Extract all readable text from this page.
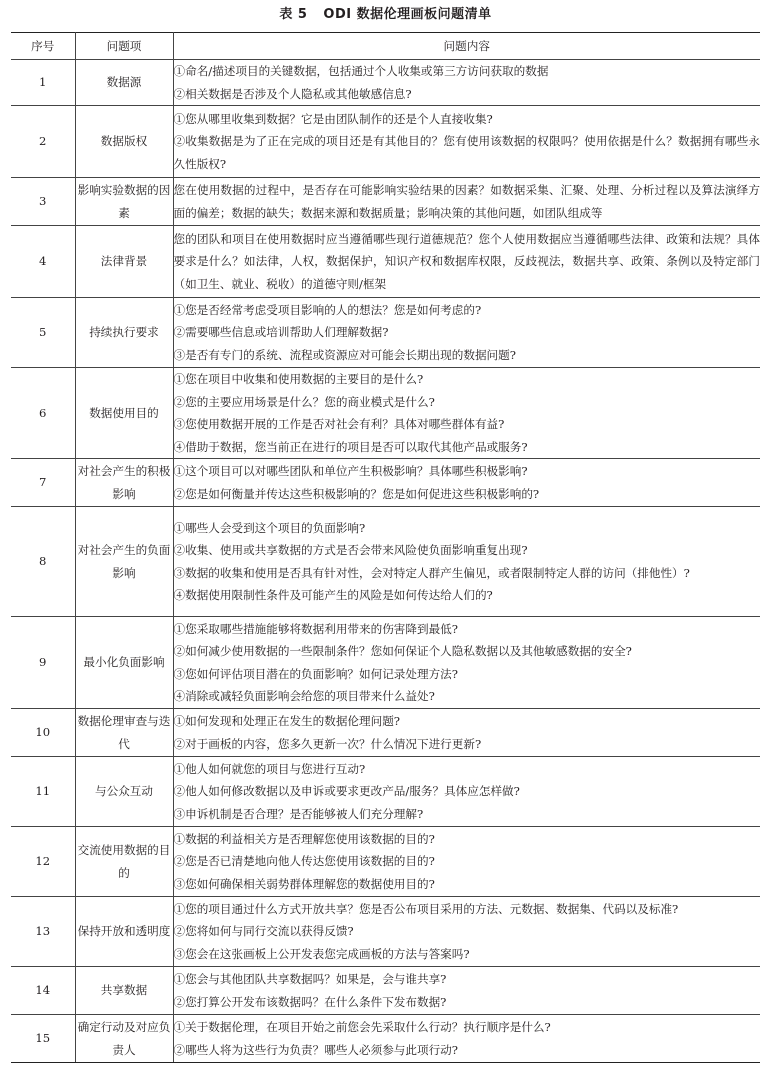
表 5 ODI 数据伦理画板问题清单
序号	问题项	问题内容
1	数据源	①命名/描述项目的关键数据，包括通过个人收集或第三方访问获取的数据
②相关数据是否涉及个人隐私或其他敏感信息?

2	数据版权	①您从哪里收集到数据？它是由团队制作的还是个人直接收集?
②收集数据是为了正在完成的项目还是有其他目的？您有使用该数据的权限吗？使用依据是什么？数据拥有哪些永久性版权?

3	影响实验数据的因素	您在使用数据的过程中，是否存在可能影响实验结果的因素？如数据采集、汇聚、处理、分析过程以及算法演绎方面的偏差；数据的缺失；数据来源和数据质量；影响决策的其他问题，如团队组成等

4	法律背景	您的团队和项目在使用数据时应当遵循哪些现行道德规范？您个人使用数据应当遵循哪些法律、政策和法规？具体要求是什么？如法律，人权，数据保护，知识产权和数据库权限，反歧视法，数据共享、政策、条例以及特定部门（如卫生、就业、税收）的道德守则/框架

5	持续执行要求	①您是否经常考虑受项目影响的人的想法？您是如何考虑的?
②需要哪些信息或培训帮助人们理解数据?
③是否有专门的系统、流程或资源应对可能会长期出现的数据问题?

6	数据使用目的	①您在项目中收集和使用数据的主要目的是什么?
②您的主要应用场景是什么？您的商业模式是什么?
③您使用数据开展的工作是否对社会有利？具体对哪些群体有益?
④借助于数据，您当前正在进行的项目是否可以取代其他产品或服务?

7	对社会产生的积极影响	①这个项目可以对哪些团队和单位产生积极影响？具体哪些积极影响?
②您是如何衡量并传达这些积极影响的？您是如何促进这些积极影响的?

8	对社会产生的负面影响	①哪些人会受到这个项目的负面影响?
②收集、使用或共享数据的方式是否会带来风险使负面影响重复出现?
③数据的收集和使用是否具有针对性，会对特定人群产生偏见，或者限制特定人群的访问（排他性）?
④数据使用限制性条件及可能产生的风险是如何传达给人们的?

9	最小化负面影响	①您采取哪些措施能够将数据利用带来的伤害降到最低?
②如何减少使用数据的一些限制条件？您如何保证个人隐私数据以及其他敏感数据的安全?
③您如何评估项目潜在的负面影响？如何记录处理方法?
④消除或减轻负面影响会给您的项目带来什么益处?

10	数据伦理审查与迭代	①如何发现和处理正在发生的数据伦理问题?
②对于画板的内容，您多久更新一次？什么情况下进行更新?

11	与公众互动	①他人如何就您的项目与您进行互动?
②他人如何修改数据以及申诉或要求更改产品/服务？具体应怎样做?
③申诉机制是否合理？是否能够被人们充分理解?

12	交流使用数据的目的	①数据的利益相关方是否理解您使用该数据的目的?
②您是否已清楚地向他人传达您使用该数据的目的?
③您如何确保相关弱势群体理解您的数据使用目的?

13	保持开放和透明度	①您的项目通过什么方式开放共享？您是否公布项目采用的方法、元数据、数据集、代码以及标准?
②您将如何与同行交流以获得反馈?
③您会在这张画板上公开发表您完成画板的方法与答案吗?

14	共享数据	①您会与其他团队共享数据吗？如果是，会与谁共享?
②您打算公开发布该数据吗？在什么条件下发布数据?

15	确定行动及对应负责人	①关于数据伦理，在项目开始之前您会先采取什么行动？执行顺序是什么?
②哪些人将为这些行为负责？哪些人必须参与此项行动?
